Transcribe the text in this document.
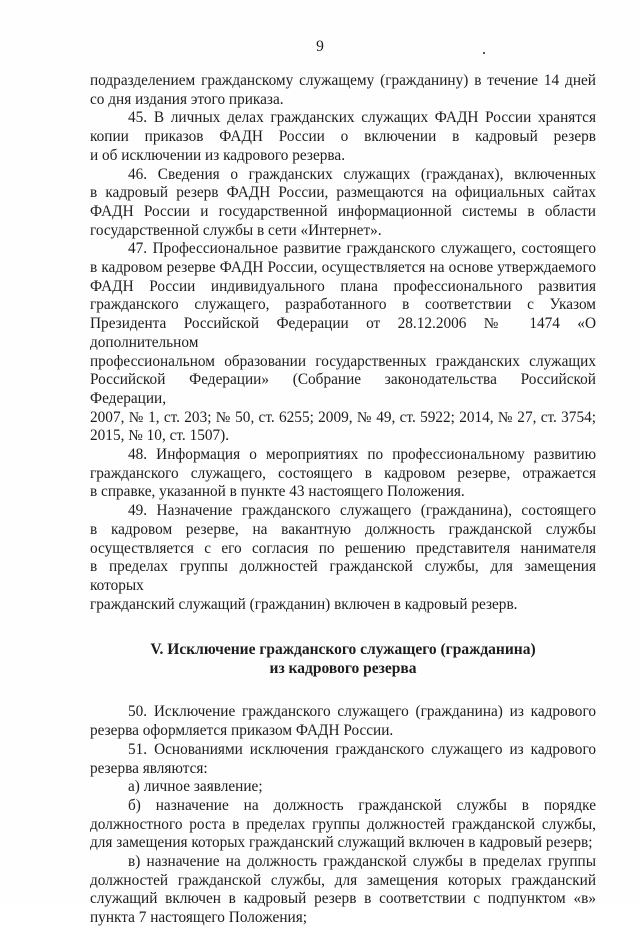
9
подразделением гражданскому служащему (гражданину) в течение 14 дней
со дня издания этого приказа.
45. В личных делах гражданских служащих ФАДН России хранятся
копии приказов ФАДН России о включении в кадровый резерв
и об исключении из кадрового резерва.
46. Сведения о гражданских служащих (гражданах), включенных
в кадровый резерв ФАДН России, размещаются на официальных сайтах
ФАДН России и государственной информационной системы в области
государственной службы в сети «Интернет».
47. Профессиональное развитие гражданского служащего, состоящего
в кадровом резерве ФАДН России, осуществляется на основе утверждаемого
ФАДН России индивидуального плана профессионального развития
гражданского служащего, разработанного в соответствии с Указом
Президента Российской Федерации от 28.12.2006 № 1474 «О дополнительном
профессиональном образовании государственных гражданских служащих
Российской Федерации» (Собрание законодательства Российской Федерации,
2007, № 1, ст. 203; № 50, ст. 6255; 2009, № 49, ст. 5922; 2014, № 27, ст. 3754;
2015, № 10, ст. 1507).
48. Информация о мероприятиях по профессиональному развитию
гражданского служащего, состоящего в кадровом резерве, отражается
в справке, указанной в пункте 43 настоящего Положения.
49. Назначение гражданского служащего (гражданина), состоящего
в кадровом резерве, на вакантную должность гражданской службы
осуществляется с его согласия по решению представителя нанимателя
в пределах группы должностей гражданской службы, для замещения которых
гражданский служащий (гражданин) включен в кадровый резерв.
V. Исключение гражданского служащего (гражданина)
из кадрового резерва
50. Исключение гражданского служащего (гражданина) из кадрового
резерва оформляется приказом ФАДН России.
51. Основаниями исключения гражданского служащего из кадрового
резерва являются:
а) личное заявление;
б) назначение на должность гражданской службы в порядке
должностного роста в пределах группы должностей гражданской службы,
для замещения которых гражданский служащий включен в кадровый резерв;
в) назначение на должность гражданской службы в пределах группы
должностей гражданской службы, для замещения которых гражданский
служащий включен в кадровый резерв в соответствии с подпунктом «в»
пункта 7 настоящего Положения;
